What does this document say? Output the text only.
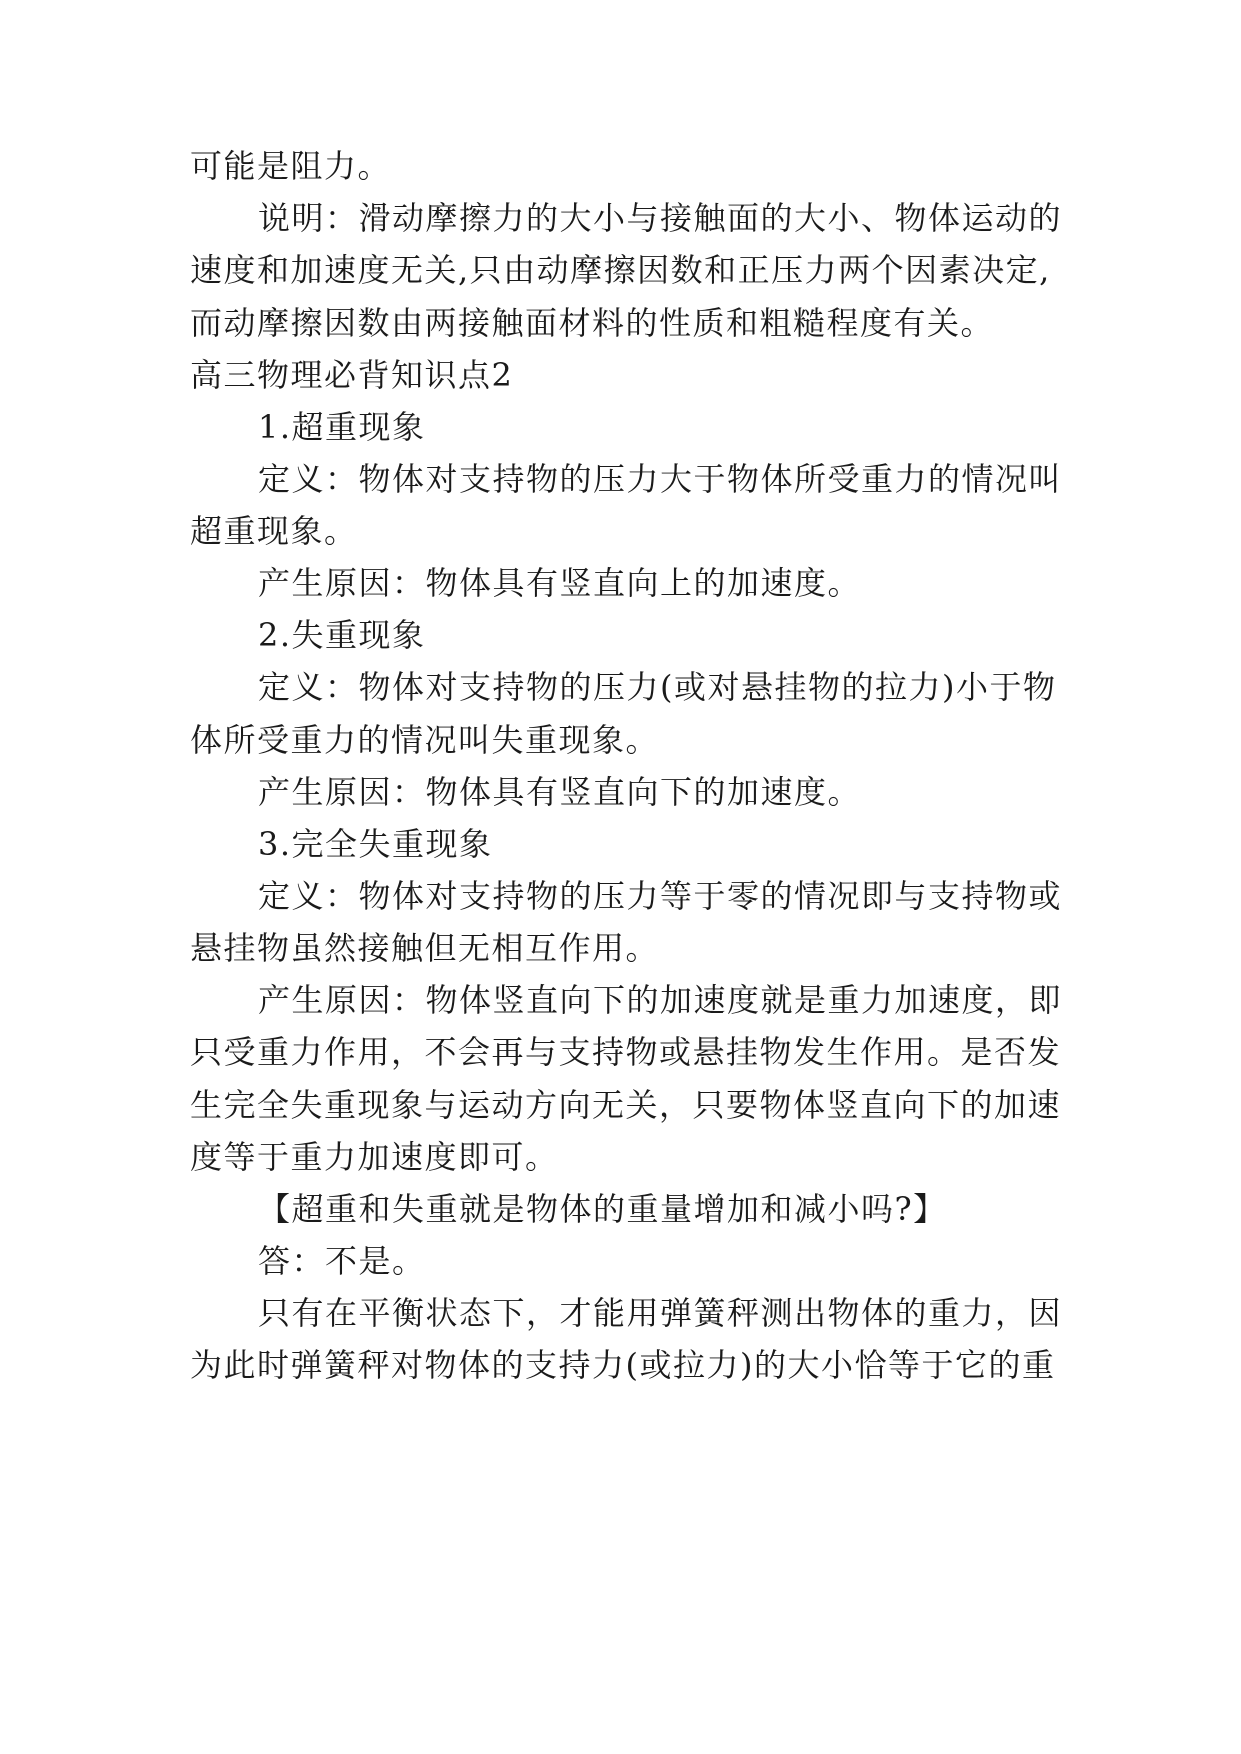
可能是阻力。
说明：滑动摩擦力的大小与接触面的大小、物体运动的
速度和加速度无关,只由动摩擦因数和正压力两个因素决定,
而动摩擦因数由两接触面材料的性质和粗糙程度有关。
高三物理必背知识点2
1.超重现象
定义：物体对支持物的压力大于物体所受重力的情况叫
超重现象。
产生原因：物体具有竖直向上的加速度。
2.失重现象
定义：物体对支持物的压力(或对悬挂物的拉力)小于物
体所受重力的情况叫失重现象。
产生原因：物体具有竖直向下的加速度。
3.完全失重现象
定义：物体对支持物的压力等于零的情况即与支持物或
悬挂物虽然接触但无相互作用。
产生原因：物体竖直向下的加速度就是重力加速度，即
只受重力作用，不会再与支持物或悬挂物发生作用。是否发
生完全失重现象与运动方向无关，只要物体竖直向下的加速
度等于重力加速度即可。
【超重和失重就是物体的重量增加和减小吗?】
答：不是。
只有在平衡状态下，才能用弹簧秤测出物体的重力，因
为此时弹簧秤对物体的支持力(或拉力)的大小恰等于它的重
